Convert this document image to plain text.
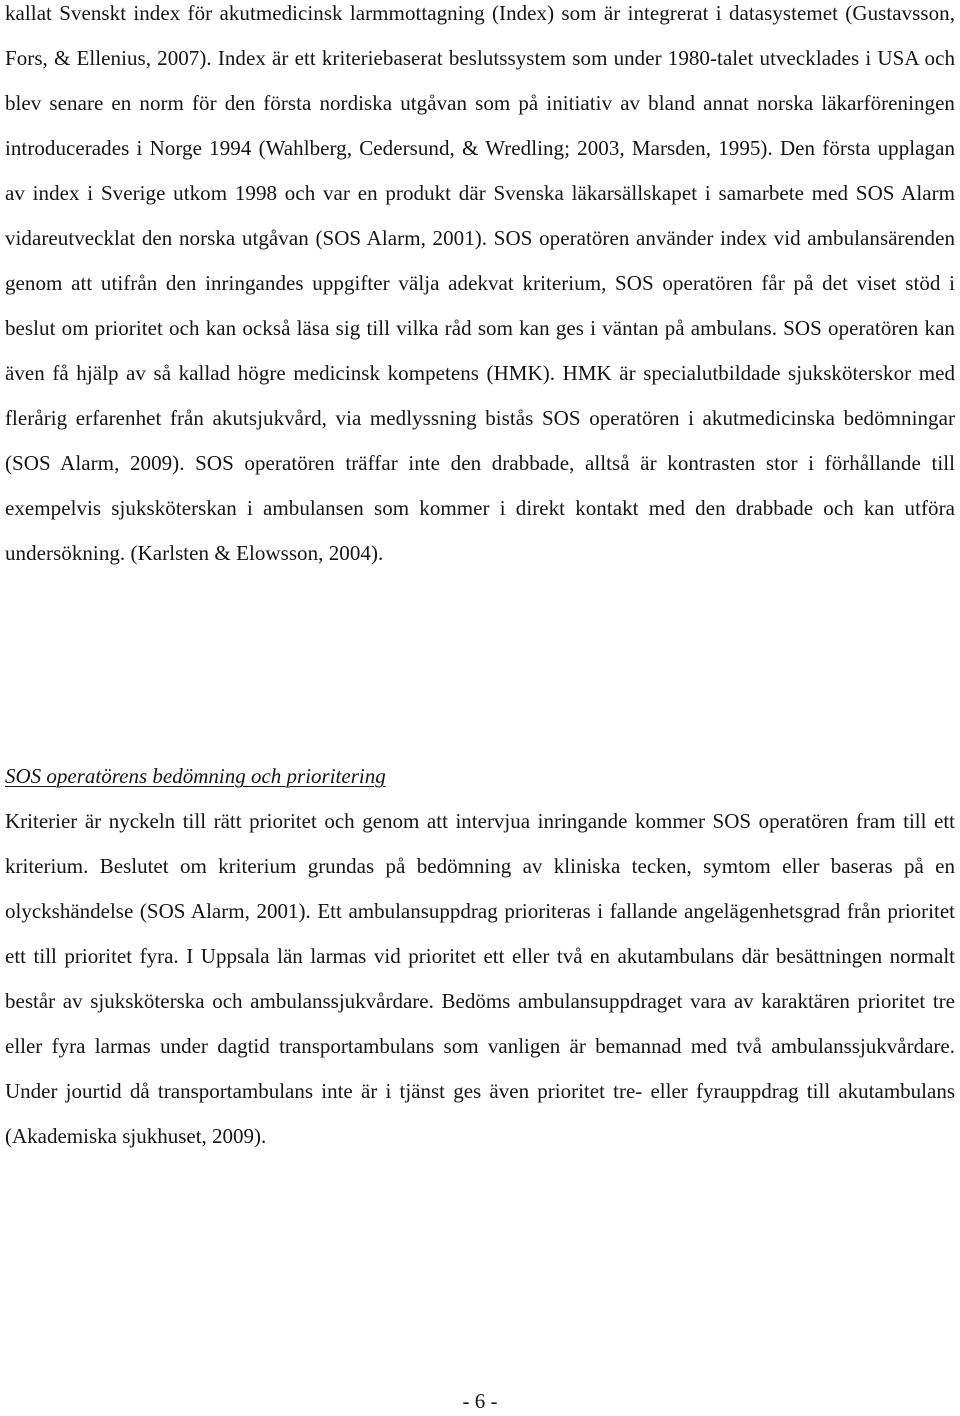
kallat Svenskt index för akutmedicinsk larmmottagning (Index) som är integrerat i datasystemet (Gustavsson, Fors, & Ellenius, 2007). Index är ett kriteriebaserat beslutssystem som under 1980-talet utvecklades i USA och blev senare en norm för den första nordiska utgåvan som på initiativ av bland annat norska läkarföreningen introducerades i Norge 1994 (Wahlberg, Cedersund, & Wredling; 2003, Marsden, 1995). Den första upplagan av index i Sverige utkom 1998 och var en produkt där Svenska läkarsällskapet i samarbete med SOS Alarm vidareutvecklat den norska utgåvan (SOS Alarm, 2001). SOS operatören använder index vid ambulansärenden genom att utifrån den inringandes uppgifter välja adekvat kriterium, SOS operatören får på det viset stöd i beslut om prioritet och kan också läsa sig till vilka råd som kan ges i väntan på ambulans. SOS operatören kan även få hjälp av så kallad högre medicinsk kompetens (HMK). HMK är specialutbildade sjuksköterskor med flerårig erfarenhet från akutsjukvård, via medlyssning bistås SOS operatören i akutmedicinska bedömningar (SOS Alarm, 2009). SOS operatören träffar inte den drabbade, alltså är kontrasten stor i förhållande till exempelvis sjuksköterskan i ambulansen som kommer i direkt kontakt med den drabbade och kan utföra undersökning. (Karlsten & Elowsson, 2004).

SOS operatörens bedömning och prioritering

Kriterier är nyckeln till rätt prioritet och genom att intervjua inringande kommer SOS operatören fram till ett kriterium. Beslutet om kriterium grundas på bedömning av kliniska tecken, symtom eller baseras på en olyckshändelse (SOS Alarm, 2001). Ett ambulansuppdrag prioriteras i fallande angelägenhetsgrad från prioritet ett till prioritet fyra. I Uppsala län larmas vid prioritet ett eller två en akutambulans där besättningen normalt består av sjuksköterska och ambulanssjukvårdare. Bedöms ambulansuppdraget vara av karaktären prioritet tre eller fyra larmas under dagtid transportambulans som vanligen är bemannad med två ambulanssjukvårdare. Under jourtid då transportambulans inte är i tjänst ges även prioritet tre- eller fyrauppdrag till akutambulans (Akademiska sjukhuset, 2009).

- 6 -
